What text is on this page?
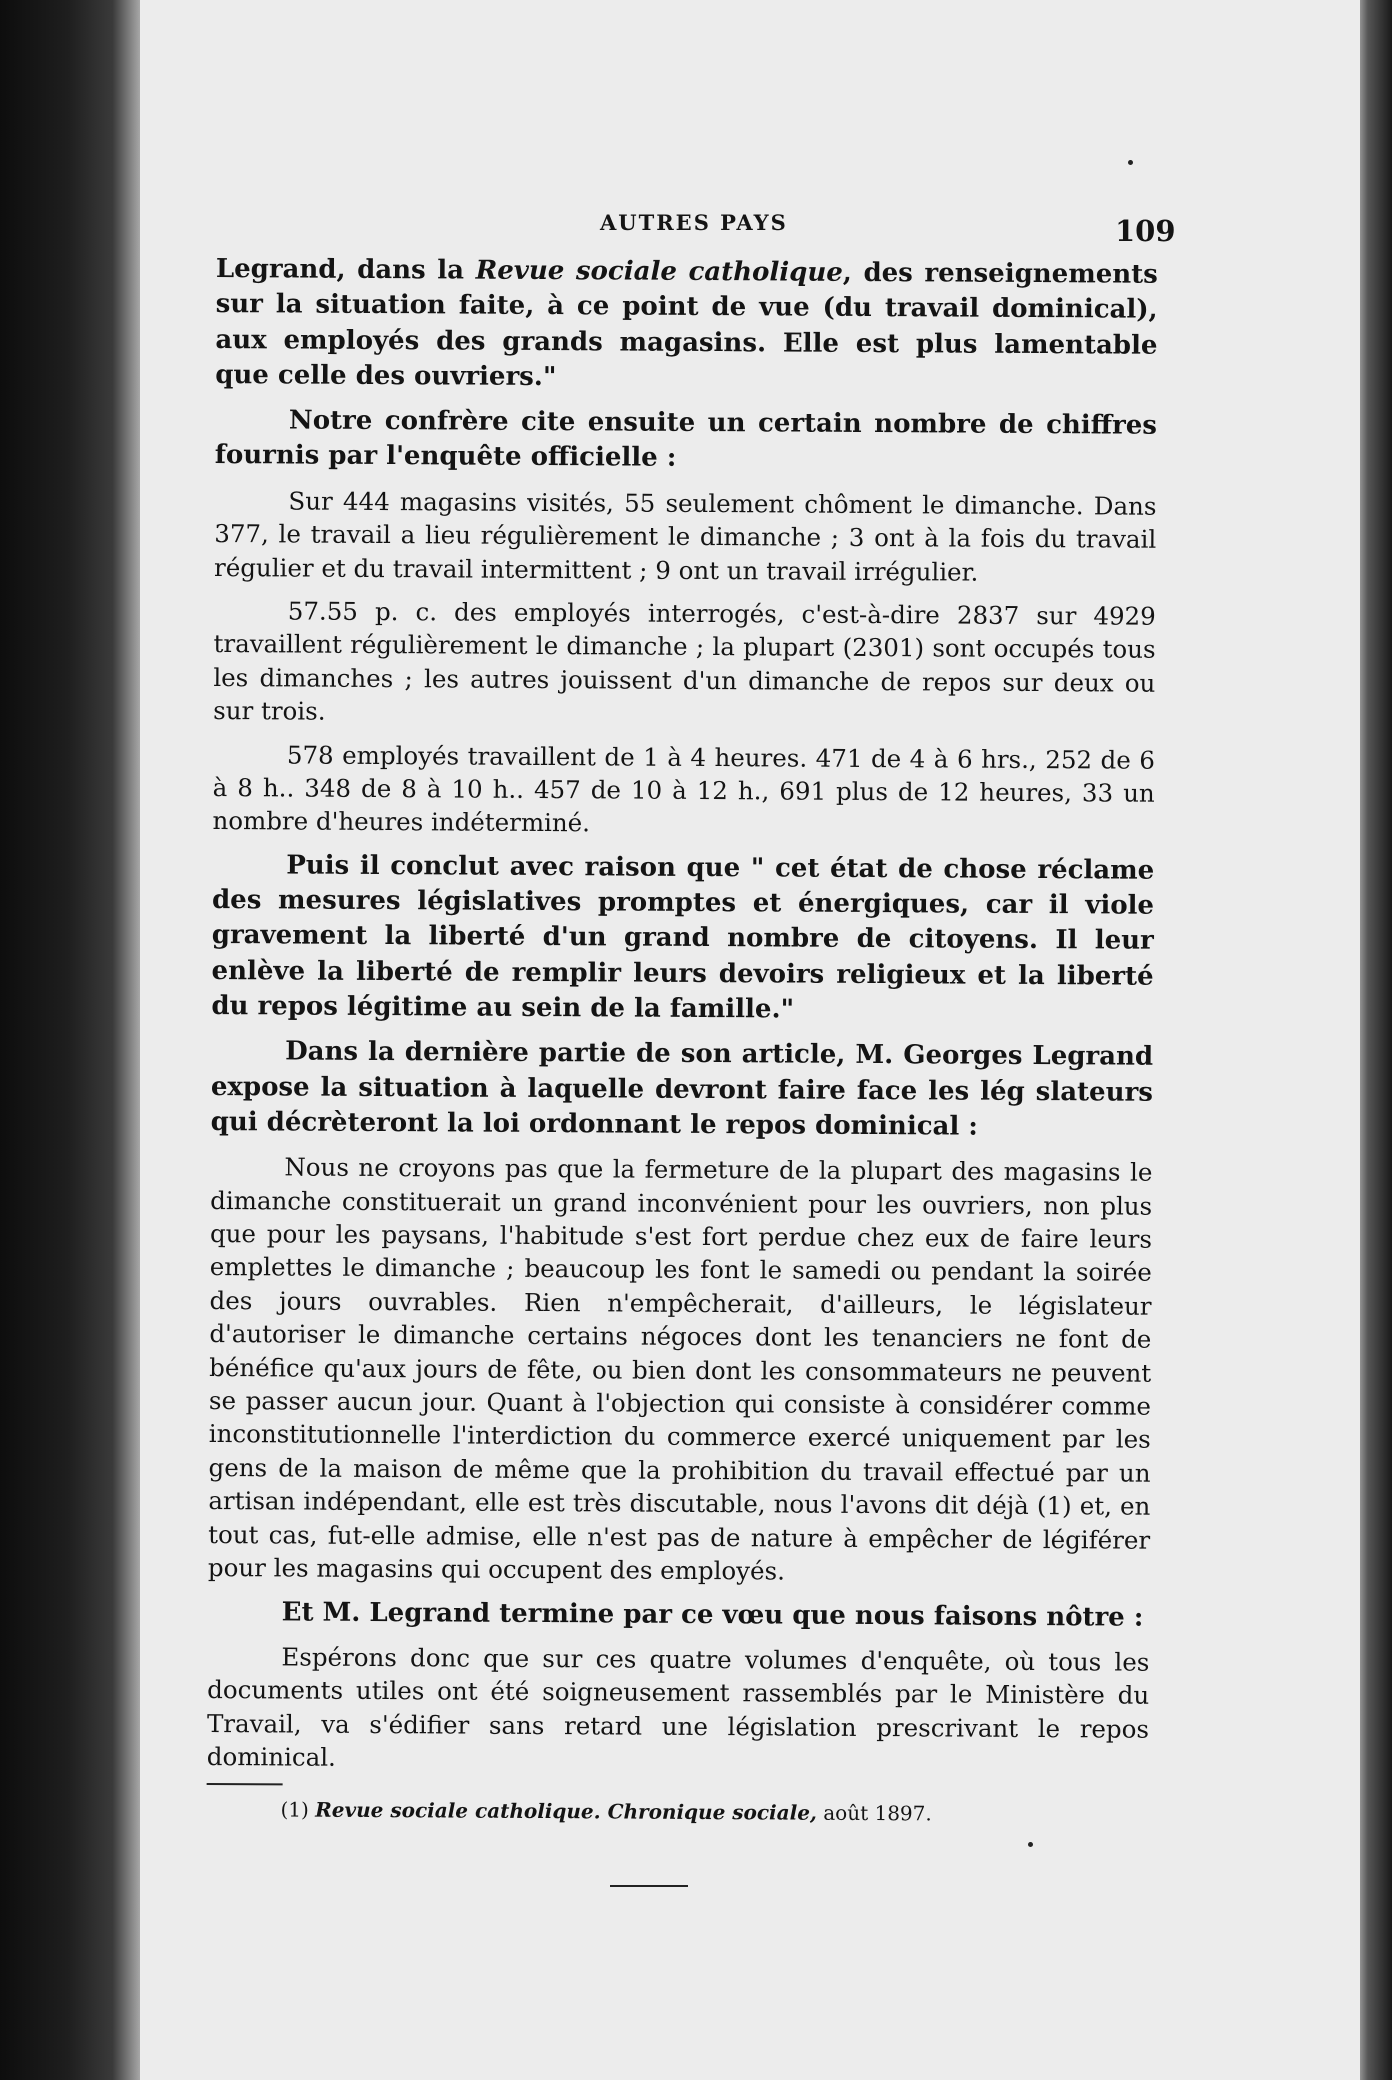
AUTRES PAYS	109

Legrand, dans la Revue sociale catholique, des renseignements sur la situation faite, à ce point de vue (du travail dominical), aux employés des grands magasins. Elle est plus lamentable que celle des ouvriers."

Notre confrère cite ensuite un certain nombre de chiffres fournis par l'enquête officielle :

Sur 444 magasins visités, 55 seulement chôment le dimanche. Dans 377, le travail a lieu régulièrement le dimanche ; 3 ont à la fois du travail régulier et du travail intermittent ; 9 ont un travail irrégulier.

57.55 p. c. des employés interrogés, c'est-à-dire 2837 sur 4929 travaillent régulièrement le dimanche ; la plupart (2301) sont occupés tous les dimanches ; les autres jouissent d'un dimanche de repos sur deux ou sur trois.

578 employés travaillent de 1 à 4 heures. 471 de 4 à 6 hrs., 252 de 6 à 8 h.. 348 de 8 à 10 h.. 457 de 10 à 12 h., 691 plus de 12 heures, 33 un nombre d'heures indéterminé.

Puis il conclut avec raison que " cet état de chose réclame des mesures législatives promptes et énergiques, car il viole gravement la liberté d'un grand nombre de citoyens. Il leur enlève la liberté de remplir leurs devoirs religieux et la liberté du repos légitime au sein de la famille."

Dans la dernière partie de son article, M. Georges Legrand expose la situation à laquelle devront faire face les lég slateurs qui décrèteront la loi ordonnant le repos dominical :

Nous ne croyons pas que la fermeture de la plupart des magasins le dimanche constituerait un grand inconvénient pour les ouvriers, non plus que pour les paysans, l'habitude s'est fort perdue chez eux de faire leurs emplettes le dimanche ; beaucoup les font le samedi ou pendant la soirée des jours ouvrables. Rien n'empêcherait, d'ailleurs, le législateur d'autoriser le dimanche certains négoces dont les tenanciers ne font de bénéfice qu'aux jours de fête, ou bien dont les consommateurs ne peuvent se passer aucun jour. Quant à l'objection qui consiste à considérer comme inconstitutionnelle l'interdiction du commerce exercé uniquement par les gens de la maison de même que la prohibition du travail effectué par un artisan indépendant, elle est très discutable, nous l'avons dit déjà (1) et, en tout cas, fut-elle admise, elle n'est pas de nature à empêcher de légiférer pour les magasins qui occupent des employés.

Et M. Legrand termine par ce vœu que nous faisons nôtre :

Espérons donc que sur ces quatre volumes d'enquête, où tous les documents utiles ont été soigneusement rassemblés par le Ministère du Travail, va s'édifier sans retard une législation prescrivant le repos dominical.

(1) Revue sociale catholique. Chronique sociale, août 1897.
